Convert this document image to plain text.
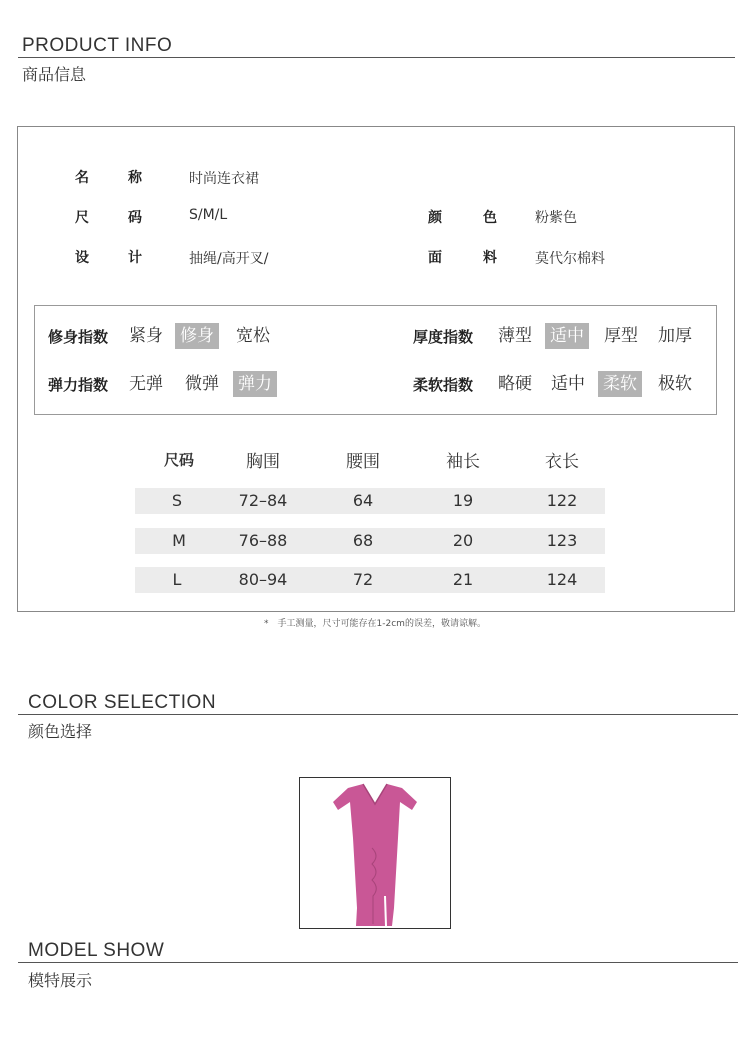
PRODUCT INFO
商品信息
名	称	时尚连衣裙
尺	码	S/M/L	颜	色	粉紫色
设	计	抽绳/高开叉/	面	料	莫代尔棉料
修身指数 紧身 修身 宽松	厚度指数 薄型 适中 厚型 加厚
弹力指数 无弹 微弹 弹力	柔软指数 略硬 适中 柔软 极软
尺码	胸围	腰围	袖长	衣长
S	72–84	64	19	122
M	76–88	68	20	123
L	80–94	72	21	124
*　手工测量，尺寸可能存在1-2cm的误差，敬请谅解。
COLOR SELECTION
颜色选择
MODEL SHOW
模特展示
